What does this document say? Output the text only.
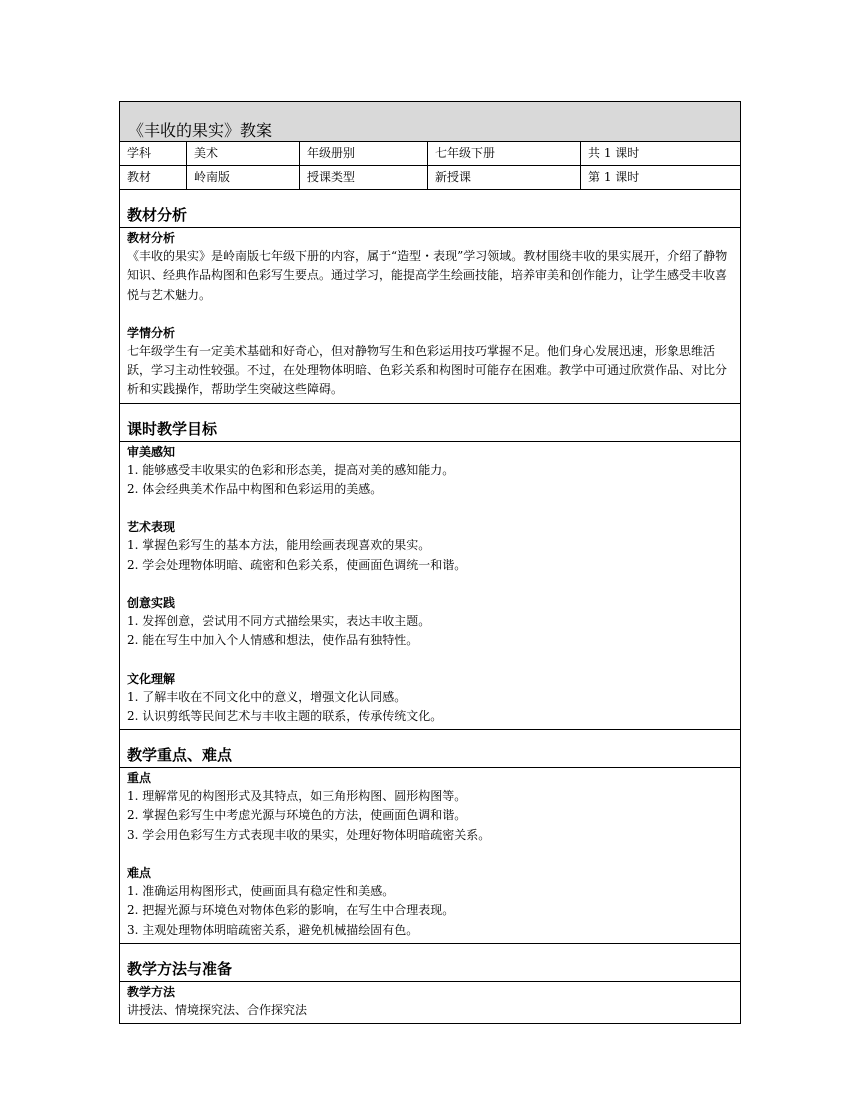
《丰收的果实》教案
学科	美术	年级册别	七年级下册	共 1 课时
教材	岭南版	授课类型	新授课	第 1 课时
教材分析
教材分析
《丰收的果实》是岭南版七年级下册的内容，属于“造型・表现”学习领域。教材围绕丰收的果实展开，介绍了静物知识、经典作品构图和色彩写生要点。通过学习，能提高学生绘画技能，培养审美和创作能力，让学生感受丰收喜悦与艺术魅力。
学情分析
七年级学生有一定美术基础和好奇心，但对静物写生和色彩运用技巧掌握不足。他们身心发展迅速，形象思维活跃，学习主动性较强。不过，在处理物体明暗、色彩关系和构图时可能存在困难。教学中可通过欣赏作品、对比分析和实践操作，帮助学生突破这些障碍。
课时教学目标
审美感知
1. 能够感受丰收果实的色彩和形态美，提高对美的感知能力。
2. 体会经典美术作品中构图和色彩运用的美感。
艺术表现
1. 掌握色彩写生的基本方法，能用绘画表现喜欢的果实。
2. 学会处理物体明暗、疏密和色彩关系，使画面色调统一和谐。
创意实践
1. 发挥创意，尝试用不同方式描绘果实，表达丰收主题。
2. 能在写生中加入个人情感和想法，使作品有独特性。
文化理解
1. 了解丰收在不同文化中的意义，增强文化认同感。
2. 认识剪纸等民间艺术与丰收主题的联系，传承传统文化。
教学重点、难点
重点
1. 理解常见的构图形式及其特点，如三角形构图、圆形构图等。
2. 掌握色彩写生中考虑光源与环境色的方法，使画面色调和谐。
3. 学会用色彩写生方式表现丰收的果实，处理好物体明暗疏密关系。
难点
1. 准确运用构图形式，使画面具有稳定性和美感。
2. 把握光源与环境色对物体色彩的影响，在写生中合理表现。
3. 主观处理物体明暗疏密关系，避免机械描绘固有色。
教学方法与准备
教学方法
讲授法、情境探究法、合作探究法
